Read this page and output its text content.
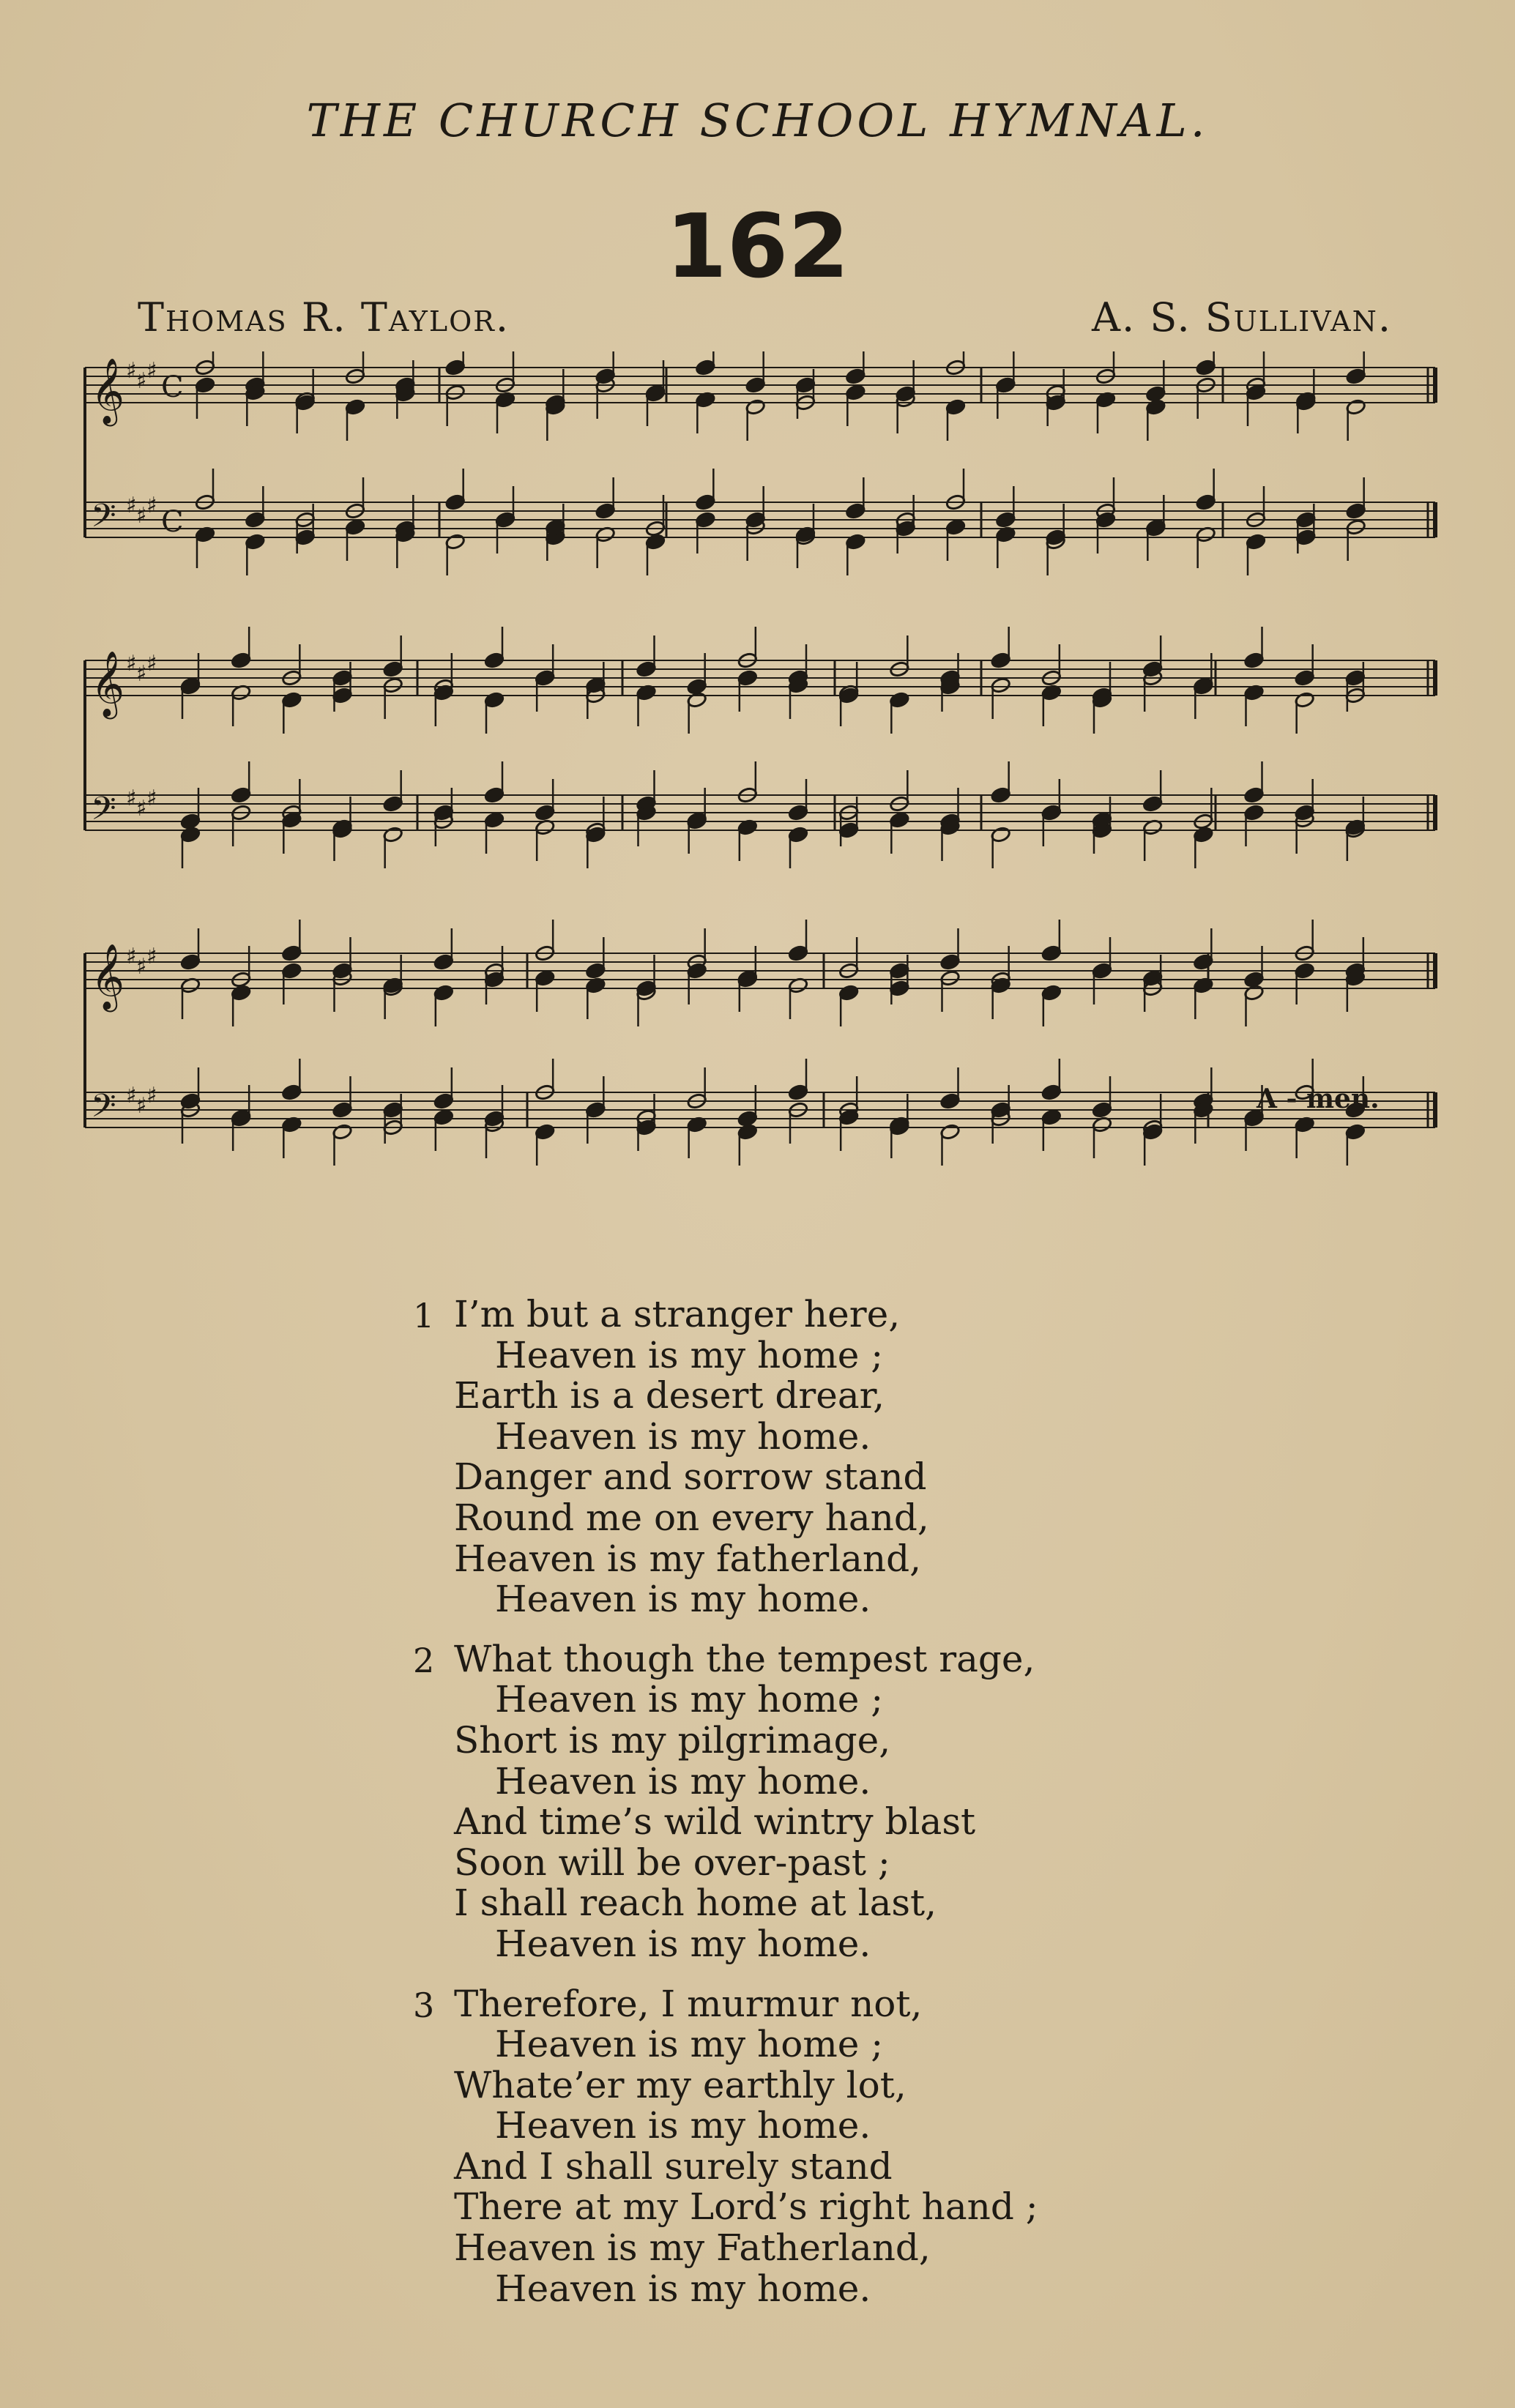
THE CHURCH SCHOOL HYMNAL.
162
Thomas R. Taylor.	A. S. Sullivan.
𝄞 ♯ ♯ ♯ C
𝄢 ♯ ♯ ♯ C
𝄞 ♯ ♯ ♯
𝄢 ♯ ♯ ♯
𝄞 ♯ ♯ ♯
𝄢 ♯ ♯ ♯	A - men.
1 I’m but a stranger here,
Heaven is my home ;
Earth is a desert drear,
Heaven is my home.
Danger and sorrow stand
Round me on every hand,
Heaven is my fatherland,
Heaven is my home.
2 What though the tempest rage,
Heaven is my home ;
Short is my pilgrimage,
Heaven is my home.
And time’s wild wintry blast
Soon will be over-past ;
I shall reach home at last,
Heaven is my home.
3 Therefore, I murmur not,
Heaven is my home ;
Whate’er my earthly lot,
Heaven is my home.
And I shall surely stand
There at my Lord’s right hand ;
Heaven is my Fatherland,
Heaven is my home.
